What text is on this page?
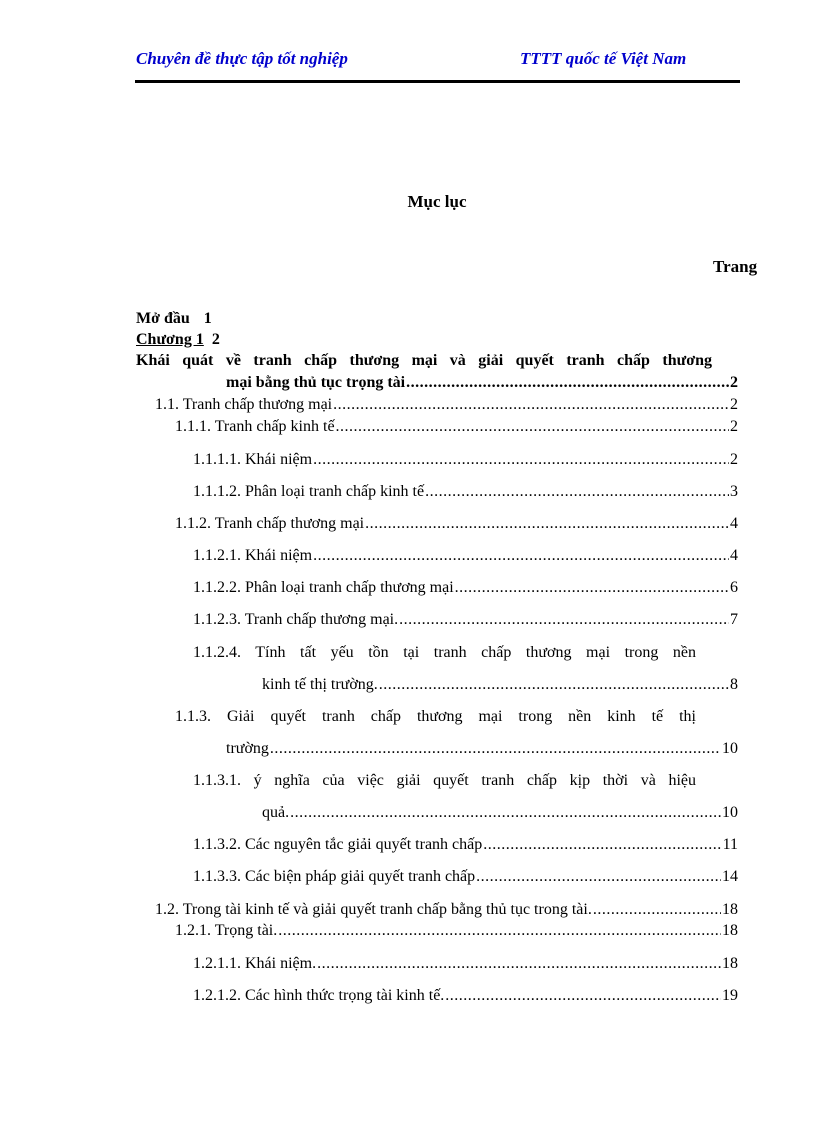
Chuyên đề thực tập tốt nghiệp	TTTT quốc tế Việt Nam
Mục lục
Trang
Mở đầu 1
Chương 1 2
Khái quát về tranh chấp thương mại và giải quyết tranh chấp thương
mại bằng thủ tục trọng tài .....	2
1.1. Tranh chấp thương mại .....	2
1.1.1. Tranh chấp kinh tế .....	2
1.1.1.1. Khái niệm .....	2
1.1.1.2. Phân loại tranh chấp kinh tế .....	3
1.1.2. Tranh chấp thương mại .....	4
1.1.2.1. Khái niệm .....	4
1.1.2.2. Phân loại tranh chấp thương mại .....	6
1.1.2.3. Tranh chấp thương mại. .....	7
1.1.2.4. Tính tất yếu tồn tại tranh chấp thương mại trong nền
kinh tế thị trường. .....	8
1.1.3. Giải quyết tranh chấp thương mại trong nền kinh tế thị
trường .....	10
1.1.3.1. ý nghĩa của việc giải quyết tranh chấp kịp thời và hiệu
quả. .....	10
1.1.3.2. Các nguyên tắc giải quyết tranh chấp .....	11
1.1.3.3. Các biện pháp giải quyết tranh chấp .....	14
1.2. Trong tài kinh tế và giải quyết tranh chấp bằng thủ tục trong tài. .....	18
1.2.1. Trọng tài. .....	18
1.2.1.1. Khái niệm. .....	18
1.2.1.2. Các hình thức trọng tài kinh tế. .....	19
